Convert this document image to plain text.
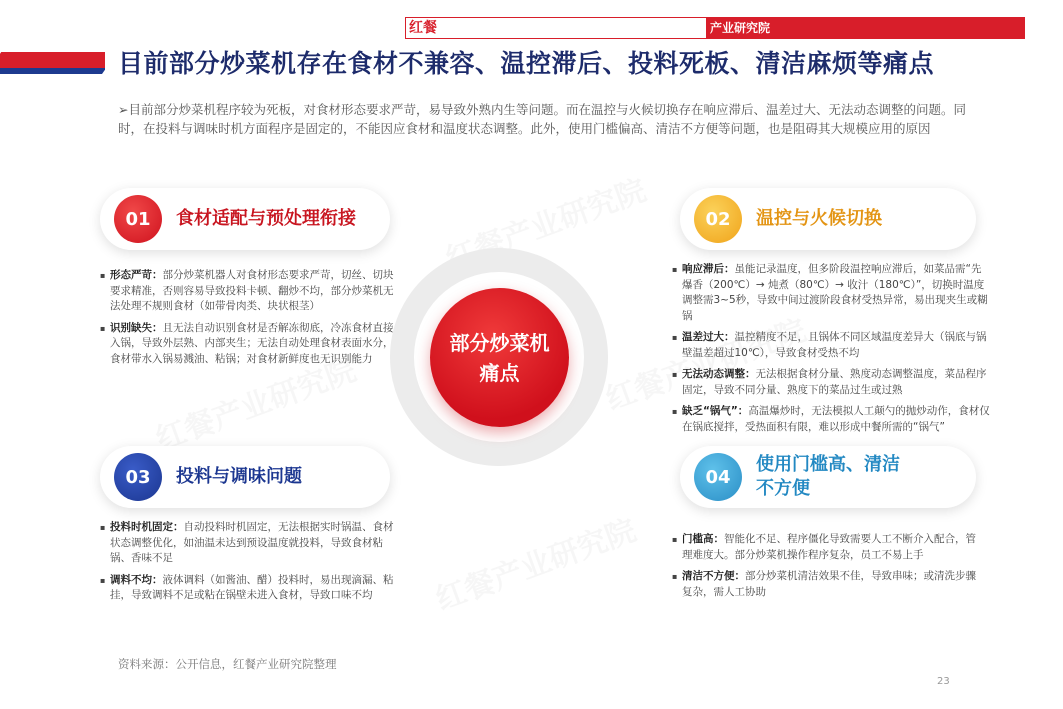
目前部分炒菜机存在食材不兼容、温控滞后、投料死板、清洁麻烦等痛点
红餐	产业研究院

➢目前部分炒菜机程序较为死板，对食材形态要求严苛，易导致外熟内生等问题。而在温控与火候切换存在响应滞后、温差过大、无法动态调整的问题。同时，在投料与调味时机方面程序是固定的，不能因应食材和温度状态调整。此外，使用门槛偏高、清洁不方便等问题，也是阻碍其大规模应用的原因

部分炒菜机痛点
01	食材适配与预处理衔接	02	温控与火候切换
03	投料与调味问题	04
使用门槛高、清洁不方便
▪ 形态严苛：部分炒菜机器人对食材形态要求严苛，切丝、切块要求精准，否则容易导致投料卡顿、翻炒不均，部分炒菜机无法处理不规则食材（如带骨肉类、块状根茎）
▪ 识别缺失：且无法自动识别食材是否解冻彻底，冷冻食材直接入锅，导致外层熟、内部夹生；无法自动处理食材表面水分，食材带水入锅易溅油、粘锅；对食材新鲜度也无识别能力
▪ 响应滞后：虽能记录温度，但多阶段温控响应滞后，如菜品需“先爆香（200℃）→ 炖煮（80℃）→ 收汁（180℃）”，切换时温度调整需3~5秒，导致中间过渡阶段食材受热异常，易出现夹生或糊锅
▪ 温差过大：温控精度不足，且锅体不同区域温度差异大（锅底与锅壁温差超过10℃），导致食材受热不均
▪ 无法动态调整：无法根据食材分量、熟度动态调整温度，菜品程序固定，导致不同分量、熟度下的菜品过生或过熟
▪ 缺乏“锅气”：高温爆炒时，无法模拟人工颠勺的抛炒动作，食材仅在锅底搅拌，受热面积有限，难以形成中餐所需的“锅气”
▪ 投料时机固定：自动投料时机固定，无法根据实时锅温、食材状态调整优化，如油温未达到预设温度就投料，导致食材粘锅、香味不足
▪ 调料不均：液体调料（如酱油、醋）投料时，易出现滴漏、粘挂，导致调料不足或粘在锅壁未进入食材，导致口味不均
▪ 门槛高：智能化不足、程序僵化导致需要人工不断介入配合，管理难度大。部分炒菜机操作程序复杂，员工不易上手
▪ 清洁不方便：部分炒菜机清洁效果不佳，导致串味；或清洗步骤复杂，需人工协助
资料来源：公开信息，红餐产业研究院整理
23
